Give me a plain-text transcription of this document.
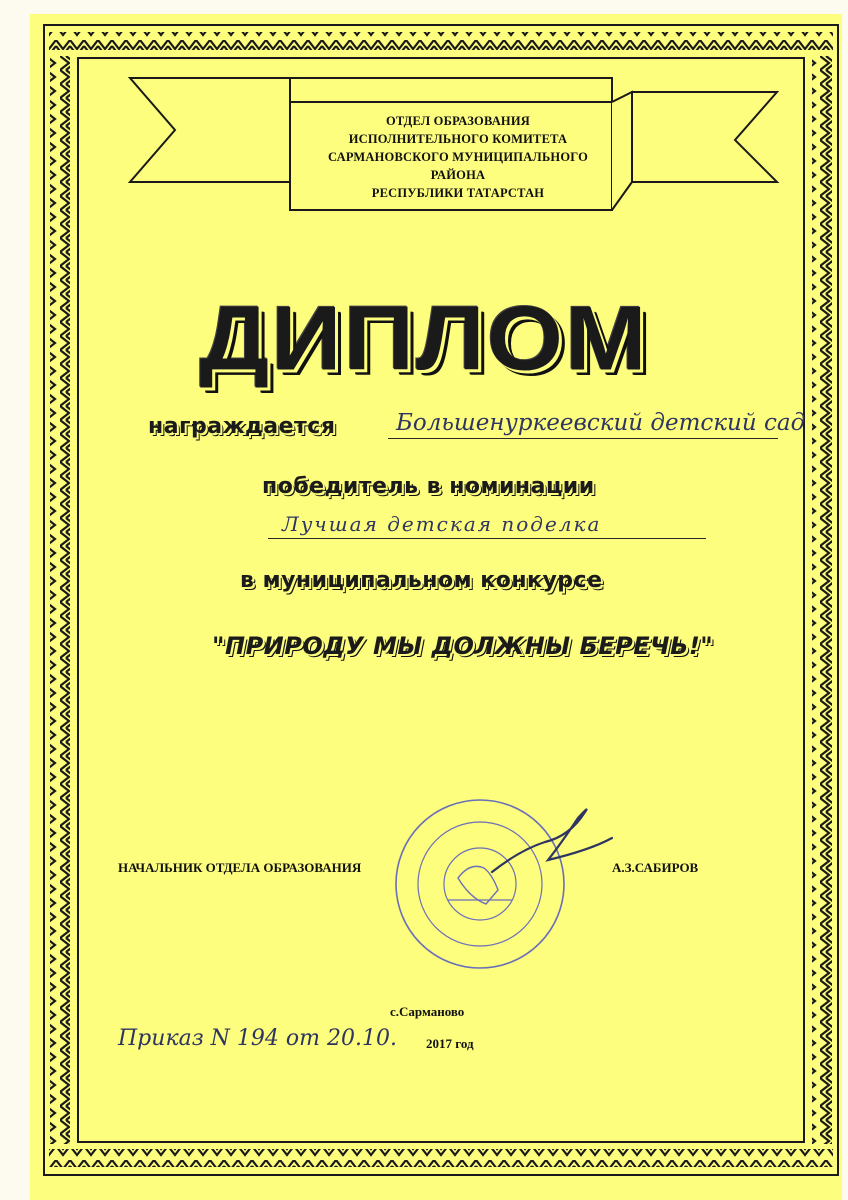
ОТДЕЛ ОБРАЗОВАНИЯ
ИСПОЛНИТЕЛЬНОГО КОМИТЕТА
САРМАНОВСКОГО МУНИЦИПАЛЬНОГО
РАЙОНА
РЕСПУБЛИКИ ТАТАРСТАН
ДИПЛОМ
награждается	Большенуркеевский детский сад
победитель в номинации
Лучшая детская поделка
в муниципальном конкурсе
"ПРИРОДУ МЫ ДОЛЖНЫ БЕРЕЧЬ!"
НАЧАЛЬНИК ОТДЕЛА ОБРАЗОВАНИЯ	А.З.САБИРОВ
с.Сарманово
Приказ N 194 от 20.10. 2017 год
